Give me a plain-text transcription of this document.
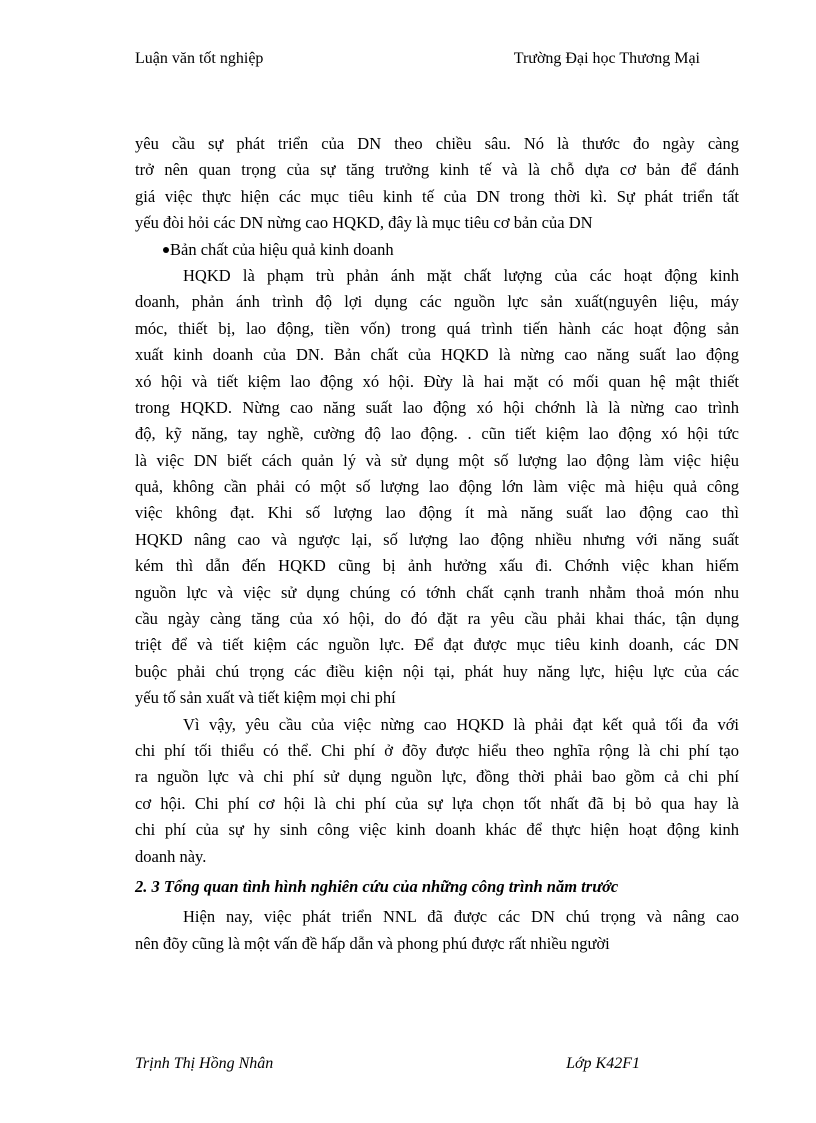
Luận văn tốt nghiệp	Trường Đại học Thương Mại
yêu cầu sự phát triển của DN theo chiều sâu. Nó là thước đo ngày càng
trở nên quan trọng của sự tăng trưởng kinh tế và là chỗ dựa cơ bản để đánh
giá việc thực hiện các mục tiêu kinh tế của DN trong thời kì. Sự phát triển tất
yếu đòi hỏi các DN nừng cao HQKD, đây là mục tiêu cơ bản của DN
Bản chất của hiệu quả kinh doanh
HQKD là phạm trù phản ánh mặt chất lượng của các hoạt động kinh
doanh, phản ánh trình độ lợi dụng các nguồn lực sản xuất(nguyên liệu, máy
móc, thiết bị, lao động, tiền vốn) trong quá trình tiến hành các hoạt động sản
xuất kinh doanh của DN. Bản chất của HQKD là nừng cao năng suất lao động
xó hội và tiết kiệm lao động xó hội. Đừy là hai mặt có mối quan hệ mật thiết
trong HQKD. Nừng cao năng suất lao động xó hội chớnh là là nừng cao trình
độ, kỹ năng, tay nghề, cường độ lao động. . cũn tiết kiệm lao động xó hội tức
là việc DN biết cách quản lý và sử dụng một số lượng lao động làm việc hiệu
quả, không cần phải có một số lượng lao động lớn làm việc mà hiệu quả công
việc không đạt. Khi số lượng lao động ít mà năng suất lao động cao thì
HQKD nâng cao và ngược lại, số lượng lao động nhiều nhưng với năng suất
kém thì dẫn đến HQKD cũng bị ảnh hưởng xấu đi. Chớnh việc khan hiếm
nguồn lực và việc sử dụng chúng có tớnh chất cạnh tranh nhằm thoả món nhu
cầu ngày càng tăng của xó hội, do đó đặt ra yêu cầu phải khai thác, tận dụng
triệt để và tiết kiệm các nguồn lực. Để đạt được mục tiêu kinh doanh, các DN
buộc phải chú trọng các điều kiện nội tại, phát huy năng lực, hiệu lực của các
yếu tố sản xuất và tiết kiệm mọi chi phí
Vì vậy, yêu cầu của việc nừng cao HQKD là phải đạt kết quả tối đa với
chi phí tối thiểu có thể. Chi phí ở đõy được hiểu theo nghĩa rộng là chi phí tạo
ra nguồn lực và chi phí sử dụng nguồn lực, đồng thời phải bao gồm cả chi phí
cơ hội. Chi phí cơ hội là chi phí của sự lựa chọn tốt nhất đã bị bỏ qua hay là
chi phí của sự hy sinh công việc kinh doanh khác để thực hiện hoạt động kinh
doanh này.
2. 3 Tổng quan tình hình nghiên cứu của những công trình năm trước
Hiện nay, việc phát triển NNL đã được các DN chú trọng và nâng cao
nên đõy cũng là một vấn đề hấp dẫn và phong phú được rất nhiều người
Trịnh Thị Hồng Nhân	Lớp K42F1
